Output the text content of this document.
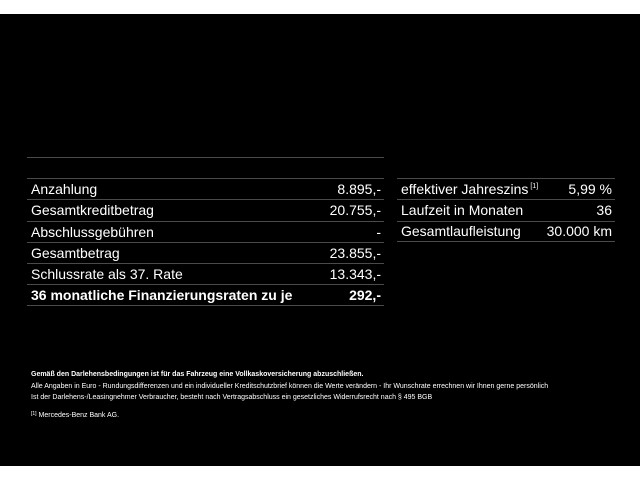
Anzahlung	8.895,-
Gesamtkreditbetrag	20.755,-
Abschlussgebühren	-
Gesamtbetrag	23.855,-
Schlussrate als 37. Rate	13.343,-
36 monatliche Finanzierungsraten zu je	292,-
effektiver Jahreszins [1] 5,99 %
Laufzeit in Monaten	36
Gesamtlaufleistung 30.000 km
Gemäß den Darlehensbedingungen ist für das Fahrzeug eine Vollkaskoversicherung abzuschließen.
Alle Angaben in Euro - Rundungsdifferenzen und ein individueller Kreditschutzbrief können die Werte verändern - Ihr Wunschrate errechnen wir Ihnen gerne persönlich
Ist der Darlehens-/Leasingnehmer Verbraucher, besteht nach Vertragsabschluss ein gesetzliches Widerrufsrecht nach § 495 BGB
[1] Mercedes-Benz Bank AG.
